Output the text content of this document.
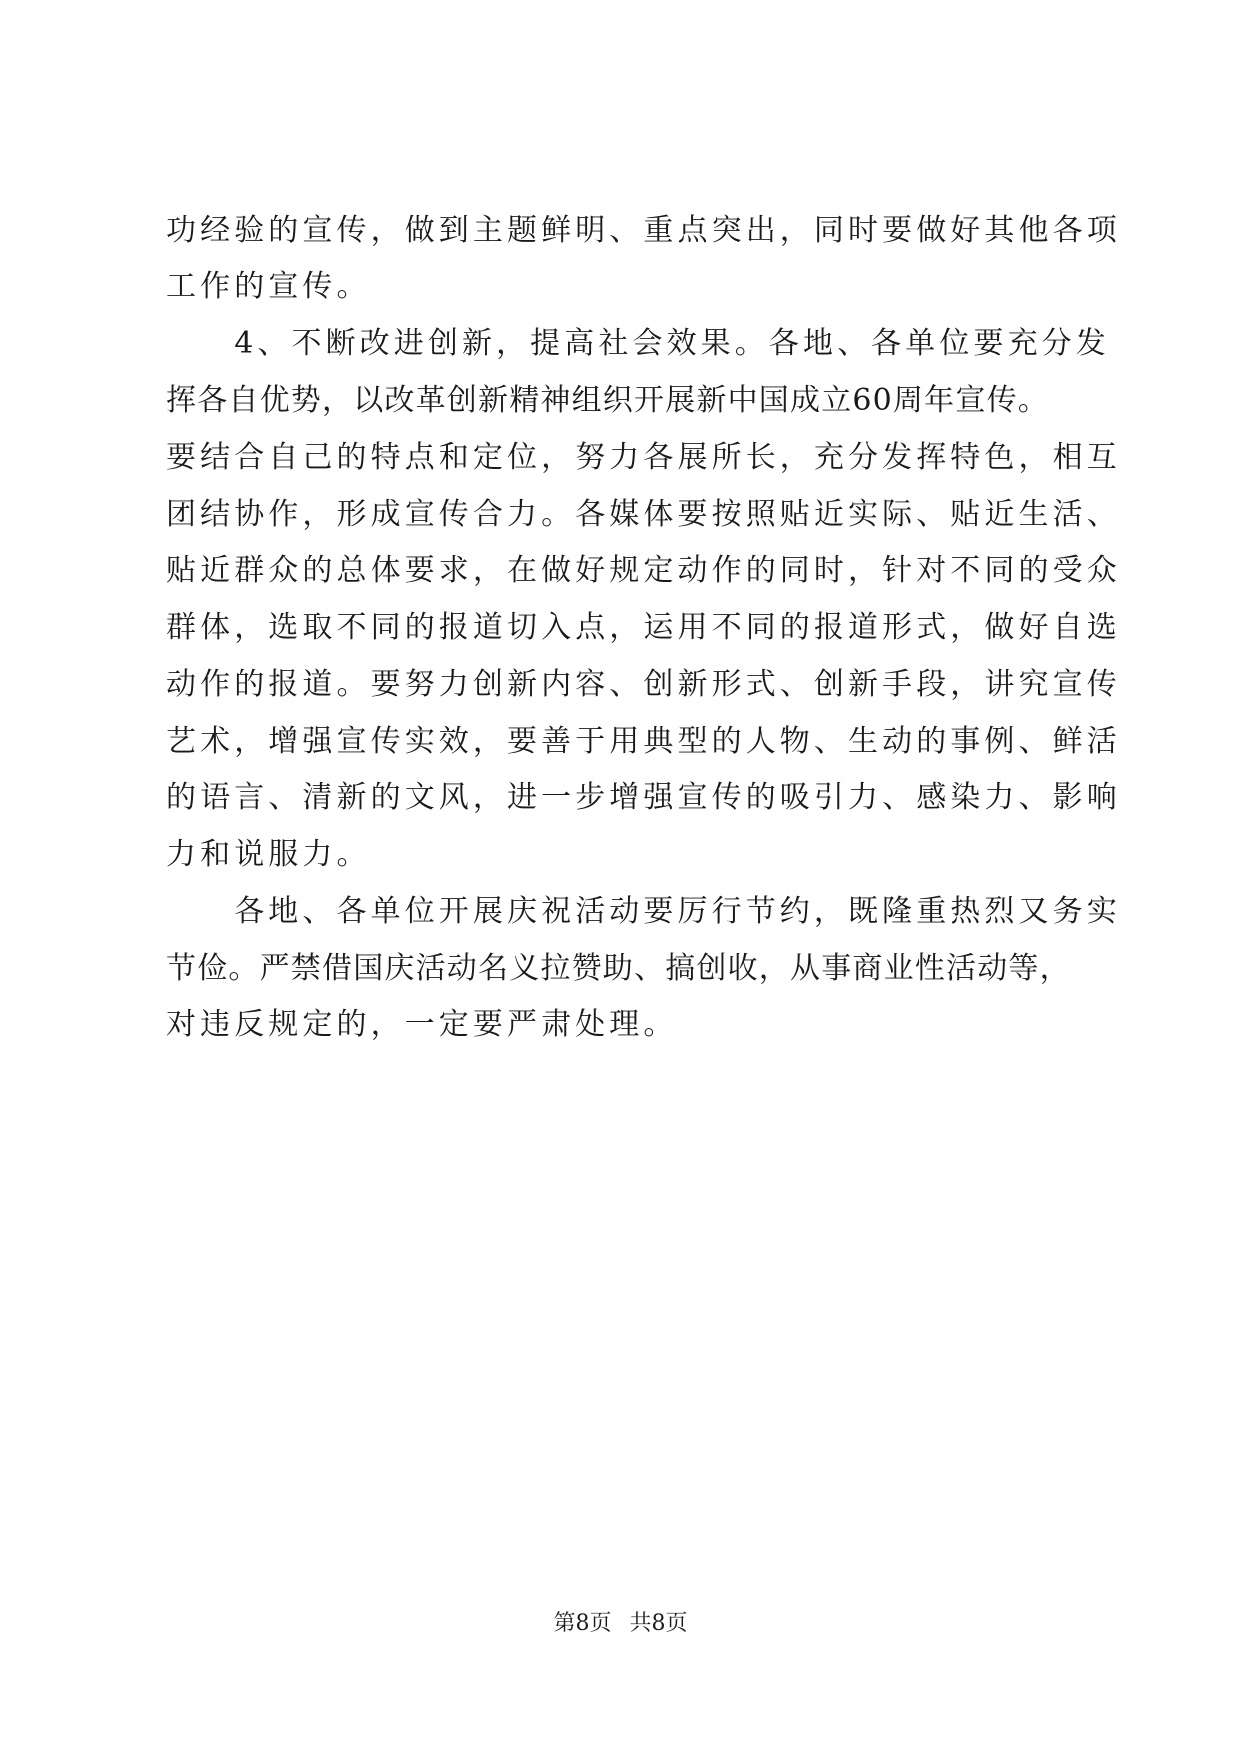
功经验的宣传，做到主题鲜明、重点突出，同时要做好其他各项
工作的宣传。
　　4、不断改进创新，提高社会效果。各地、各单位要充分发
挥各自优势，以改革创新精神组织开展新中国成立60周年宣传。
要结合自己的特点和定位，努力各展所长，充分发挥特色，相互
团结协作，形成宣传合力。各媒体要按照贴近实际、贴近生活、
贴近群众的总体要求，在做好规定动作的同时，针对不同的受众
群体，选取不同的报道切入点，运用不同的报道形式，做好自选
动作的报道。要努力创新内容、创新形式、创新手段，讲究宣传
艺术，增强宣传实效，要善于用典型的人物、生动的事例、鲜活
的语言、清新的文风，进一步增强宣传的吸引力、感染力、影响
力和说服力。
　　各地、各单位开展庆祝活动要厉行节约，既隆重热烈又务实
节俭。严禁借国庆活动名义拉赞助、搞创收，从事商业性活动等，
对违反规定的，一定要严肃处理。
第8页 共8页
